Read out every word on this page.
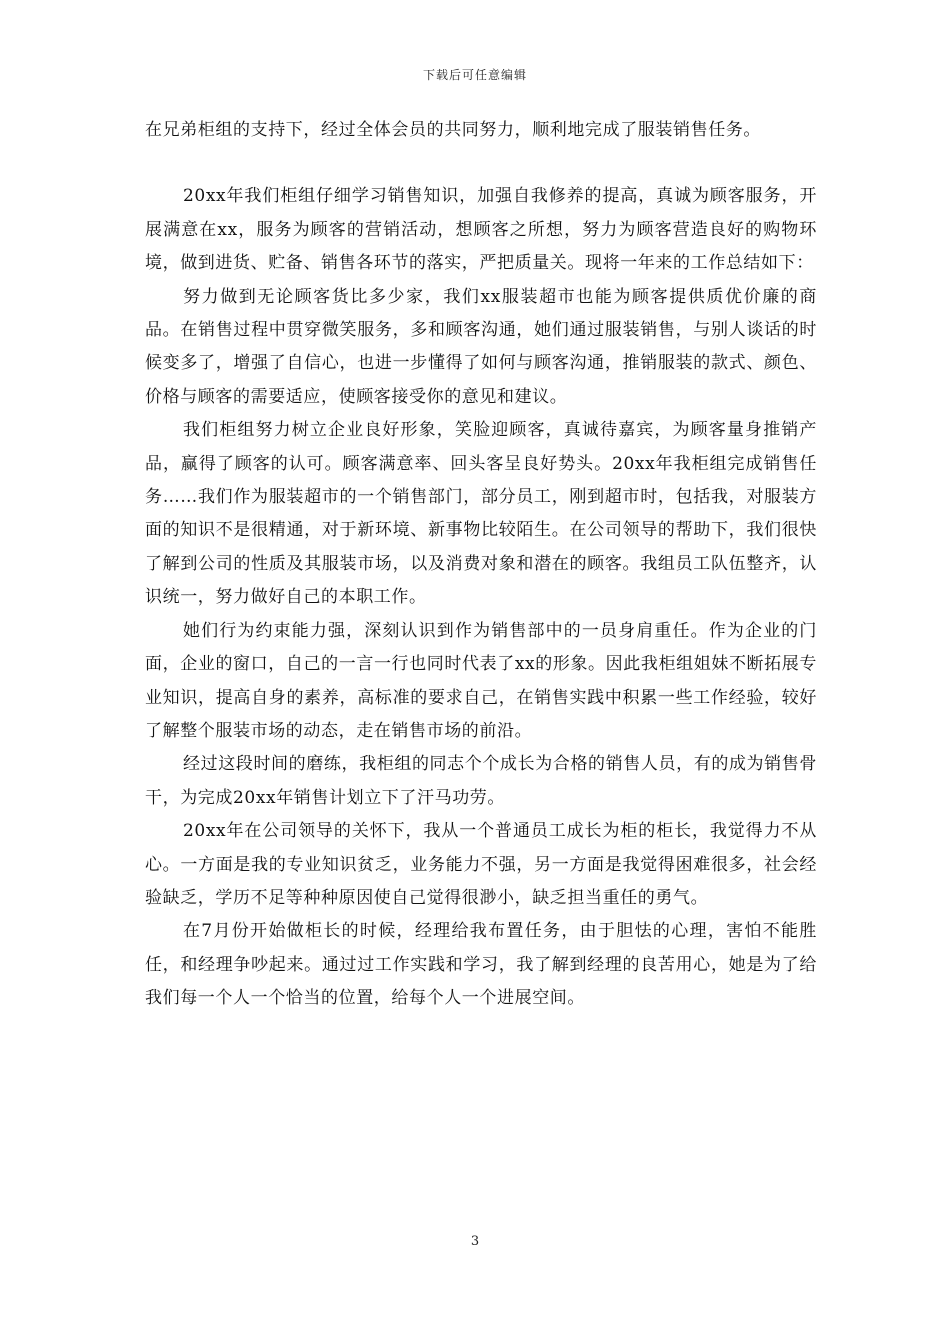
下载后可任意编辑

在兄弟柜组的支持下，经过全体会员的共同努力，顺利地完成了服装销售任务。

20xx年我们柜组仔细学习销售知识，加强自我修养的提高，真诚为顾客服务，开展满意在xx，服务为顾客的营销活动，想顾客之所想，努力为顾客营造良好的购物环境，做到进货、贮备、销售各环节的落实，严把质量关。现将一年来的工作总结如下：

努力做到无论顾客货比多少家，我们xx服装超市也能为顾客提供质优价廉的商品。在销售过程中贯穿微笑服务，多和顾客沟通，她们通过服装销售，与别人谈话的时候变多了，增强了自信心，也进一步懂得了如何与顾客沟通，推销服装的款式、颜色、价格与顾客的需要适应，使顾客接受你的意见和建议。

我们柜组努力树立企业良好形象，笑脸迎顾客，真诚待嘉宾，为顾客量身推销产品，赢得了顾客的认可。顾客满意率、回头客呈良好势头。20xx年我柜组完成销售任务……我们作为服装超市的一个销售部门，部分员工，刚到超市时，包括我，对服装方面的知识不是很精通，对于新环境、新事物比较陌生。在公司领导的帮助下，我们很快了解到公司的性质及其服装市场，以及消费对象和潜在的顾客。我组员工队伍整齐，认识统一，努力做好自己的本职工作。

她们行为约束能力强，深刻认识到作为销售部中的一员身肩重任。作为企业的门面，企业的窗口，自己的一言一行也同时代表了xx的形象。因此我柜组姐妹不断拓展专业知识，提高自身的素养，高标准的要求自己，在销售实践中积累一些工作经验，较好了解整个服装市场的动态，走在销售市场的前沿。

经过这段时间的磨练，我柜组的同志个个成长为合格的销售人员，有的成为销售骨干，为完成20xx年销售计划立下了汗马功劳。

20xx年在公司领导的关怀下，我从一个普通员工成长为柜的柜长，我觉得力不从心。一方面是我的专业知识贫乏，业务能力不强，另一方面是我觉得困难很多，社会经验缺乏，学历不足等种种原因使自己觉得很渺小，缺乏担当重任的勇气。

在7月份开始做柜长的时候，经理给我布置任务，由于胆怯的心理，害怕不能胜任，和经理争吵起来。通过过工作实践和学习，我了解到经理的良苦用心，她是为了给我们每一个人一个恰当的位置，给每个人一个进展空间。

3
